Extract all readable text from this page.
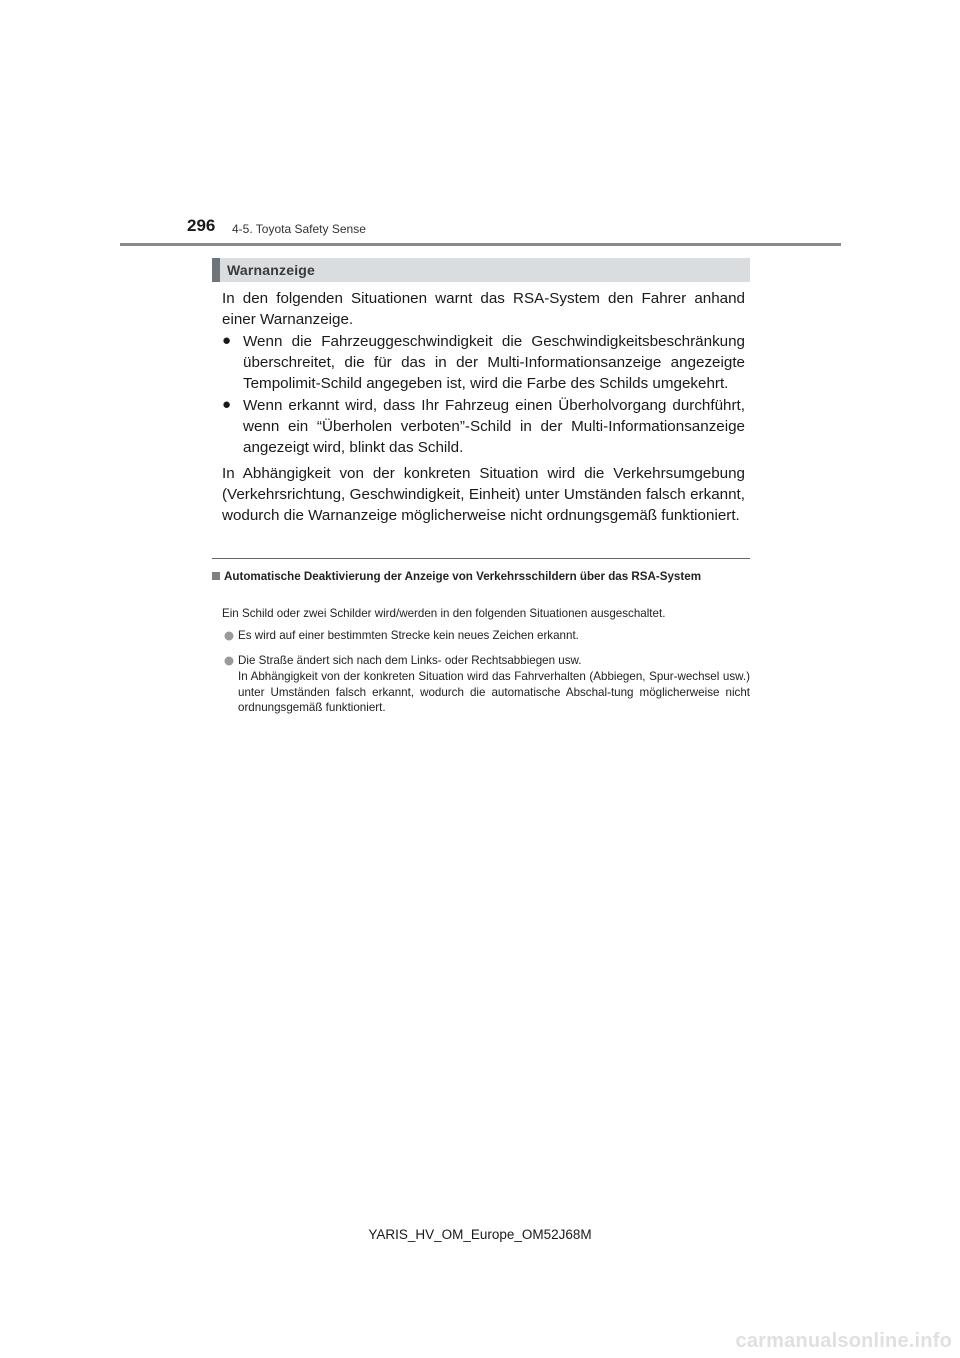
296 4-5. Toyota Safety Sense
Warnanzeige
In den folgenden Situationen warnt das RSA-System den Fahrer anhand einer Warnanzeige.
● Wenn die Fahrzeuggeschwindigkeit die Geschwindigkeitsbeschränkung überschreitet, die für das in der Multi-Informationsanzeige angezeigte Tempolimit-Schild angegeben ist, wird die Farbe des Schilds umgekehrt.
● Wenn erkannt wird, dass Ihr Fahrzeug einen Überholvorgang durchführt, wenn ein “Überholen verboten”-Schild in der Multi-Informationsanzeige angezeigt wird, blinkt das Schild.
In Abhängigkeit von der konkreten Situation wird die Verkehrsumgebung (Verkehrsrichtung, Geschwindigkeit, Einheit) unter Umständen falsch erkannt, wodurch die Warnanzeige möglicherweise nicht ordnungsgemäß funktioniert.
Automatische Deaktivierung der Anzeige von Verkehrsschildern über das RSA-System
Ein Schild oder zwei Schilder wird/werden in den folgenden Situationen ausgeschaltet.
Es wird auf einer bestimmten Strecke kein neues Zeichen erkannt.
Die Straße ändert sich nach dem Links- oder Rechtsabbiegen usw.
In Abhängigkeit von der konkreten Situation wird das Fahrverhalten (Abbiegen, Spur-wechsel usw.) unter Umständen falsch erkannt, wodurch die automatische Abschal-tung möglicherweise nicht ordnungsgemäß funktioniert.
YARIS_HV_OM_Europe_OM52J68M
carmanualsonline.info
